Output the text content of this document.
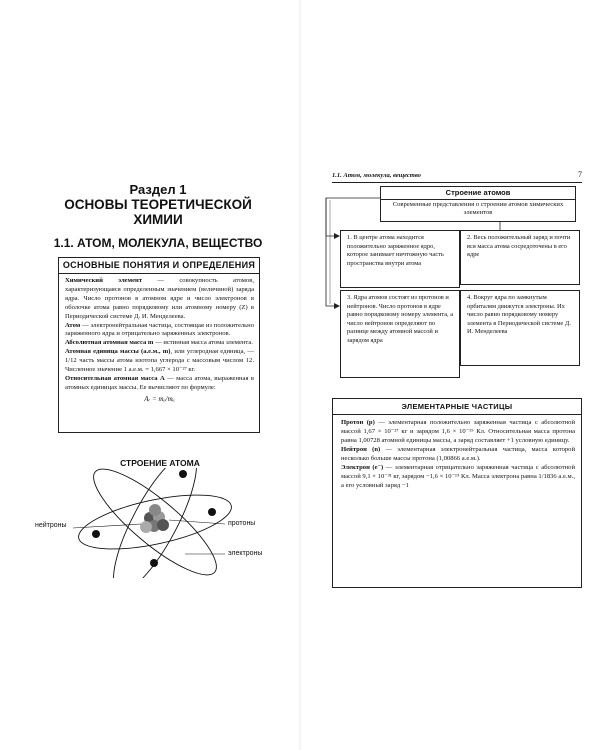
Раздел 1
ОСНОВЫ ТЕОРЕТИЧЕСКОЙ
ХИМИИ
1.1. АТОМ, МОЛЕКУЛА, ВЕЩЕСТВО
ОСНОВНЫЕ ПОНЯТИЯ И ОПРЕДЕЛЕНИЯ

Химический элемент — совокупность атомов, характеризующаяся определенным значением (величиной) заряда ядра. Число протонов в атомном ядре и число электронов в оболочке атома равно порядковому или атомному номеру (Z) в Периодической системе Д. И. Менделеева.

Атом — электронейтральная частица, состоящая из положительно заряженного ядра и отрицательно заряженных электронов.

Абсолютная атомная масса m — истинная масса атома элемента.

Атомная единица массы (а.е.м., m), или углеродная единица, — 1/12 часть массы атома изотопа углерода с массовым числом 12. Численное значение 1 а.е.м. = 1,667 × 10⁻²⁷ кг.

Относительная атомная масса A — масса атома, выраженная в атомных единицах массы. Ее вычисляют по формуле:

Aᵣ = mₐ/mᵤ
СТРОЕНИЕ АТОМА
нейтроны	протоны
электроны
1.1. Атом, молекула, вещество	7
Строение атомов
Современные представления о строении атомов химических элементов
1. В центре атома находится положительно заряженное ядро, которое занимает ничтожную часть пространства внутри атома
2. Весь положительный заряд и почти вся масса атома сосредоточены в его ядре
3. Ядра атомов состоят из протонов и нейтронов. Число протонов в ядре равно порядковому номеру элемента, а число нейтронов определяют по разнице между атомной массой и зарядом ядра
4. Вокруг ядра по замкнутым орбиталям движутся электроны. Их число равно порядковому номеру элемента в Периодической системе Д. И. Менделеева
ЭЛЕМЕНТАРНЫЕ ЧАСТИЦЫ

Протон (p) — элементарная положительно заряженная частица с абсолютной массой 1,67 × 10⁻²⁷ кг и зарядом 1,6 × 10⁻¹⁹ Кл. Относительная масса протона равна 1,00728 атомной единицы массы, а заряд составляет +1 условную единицу.

Нейтрон (n) — элементарная электронейтральная частица, масса которой несколько больше массы протона (1,00866 а.е.м.).

Электрон (e⁻) — элементарная отрицательно заряженная частица с абсолютной массой 9,1 × 10⁻³¹ кг, зарядом −1,6 × 10⁻¹⁹ Кл. Масса электрона равна 1/1836 а.е.м., а его условный заряд −1
